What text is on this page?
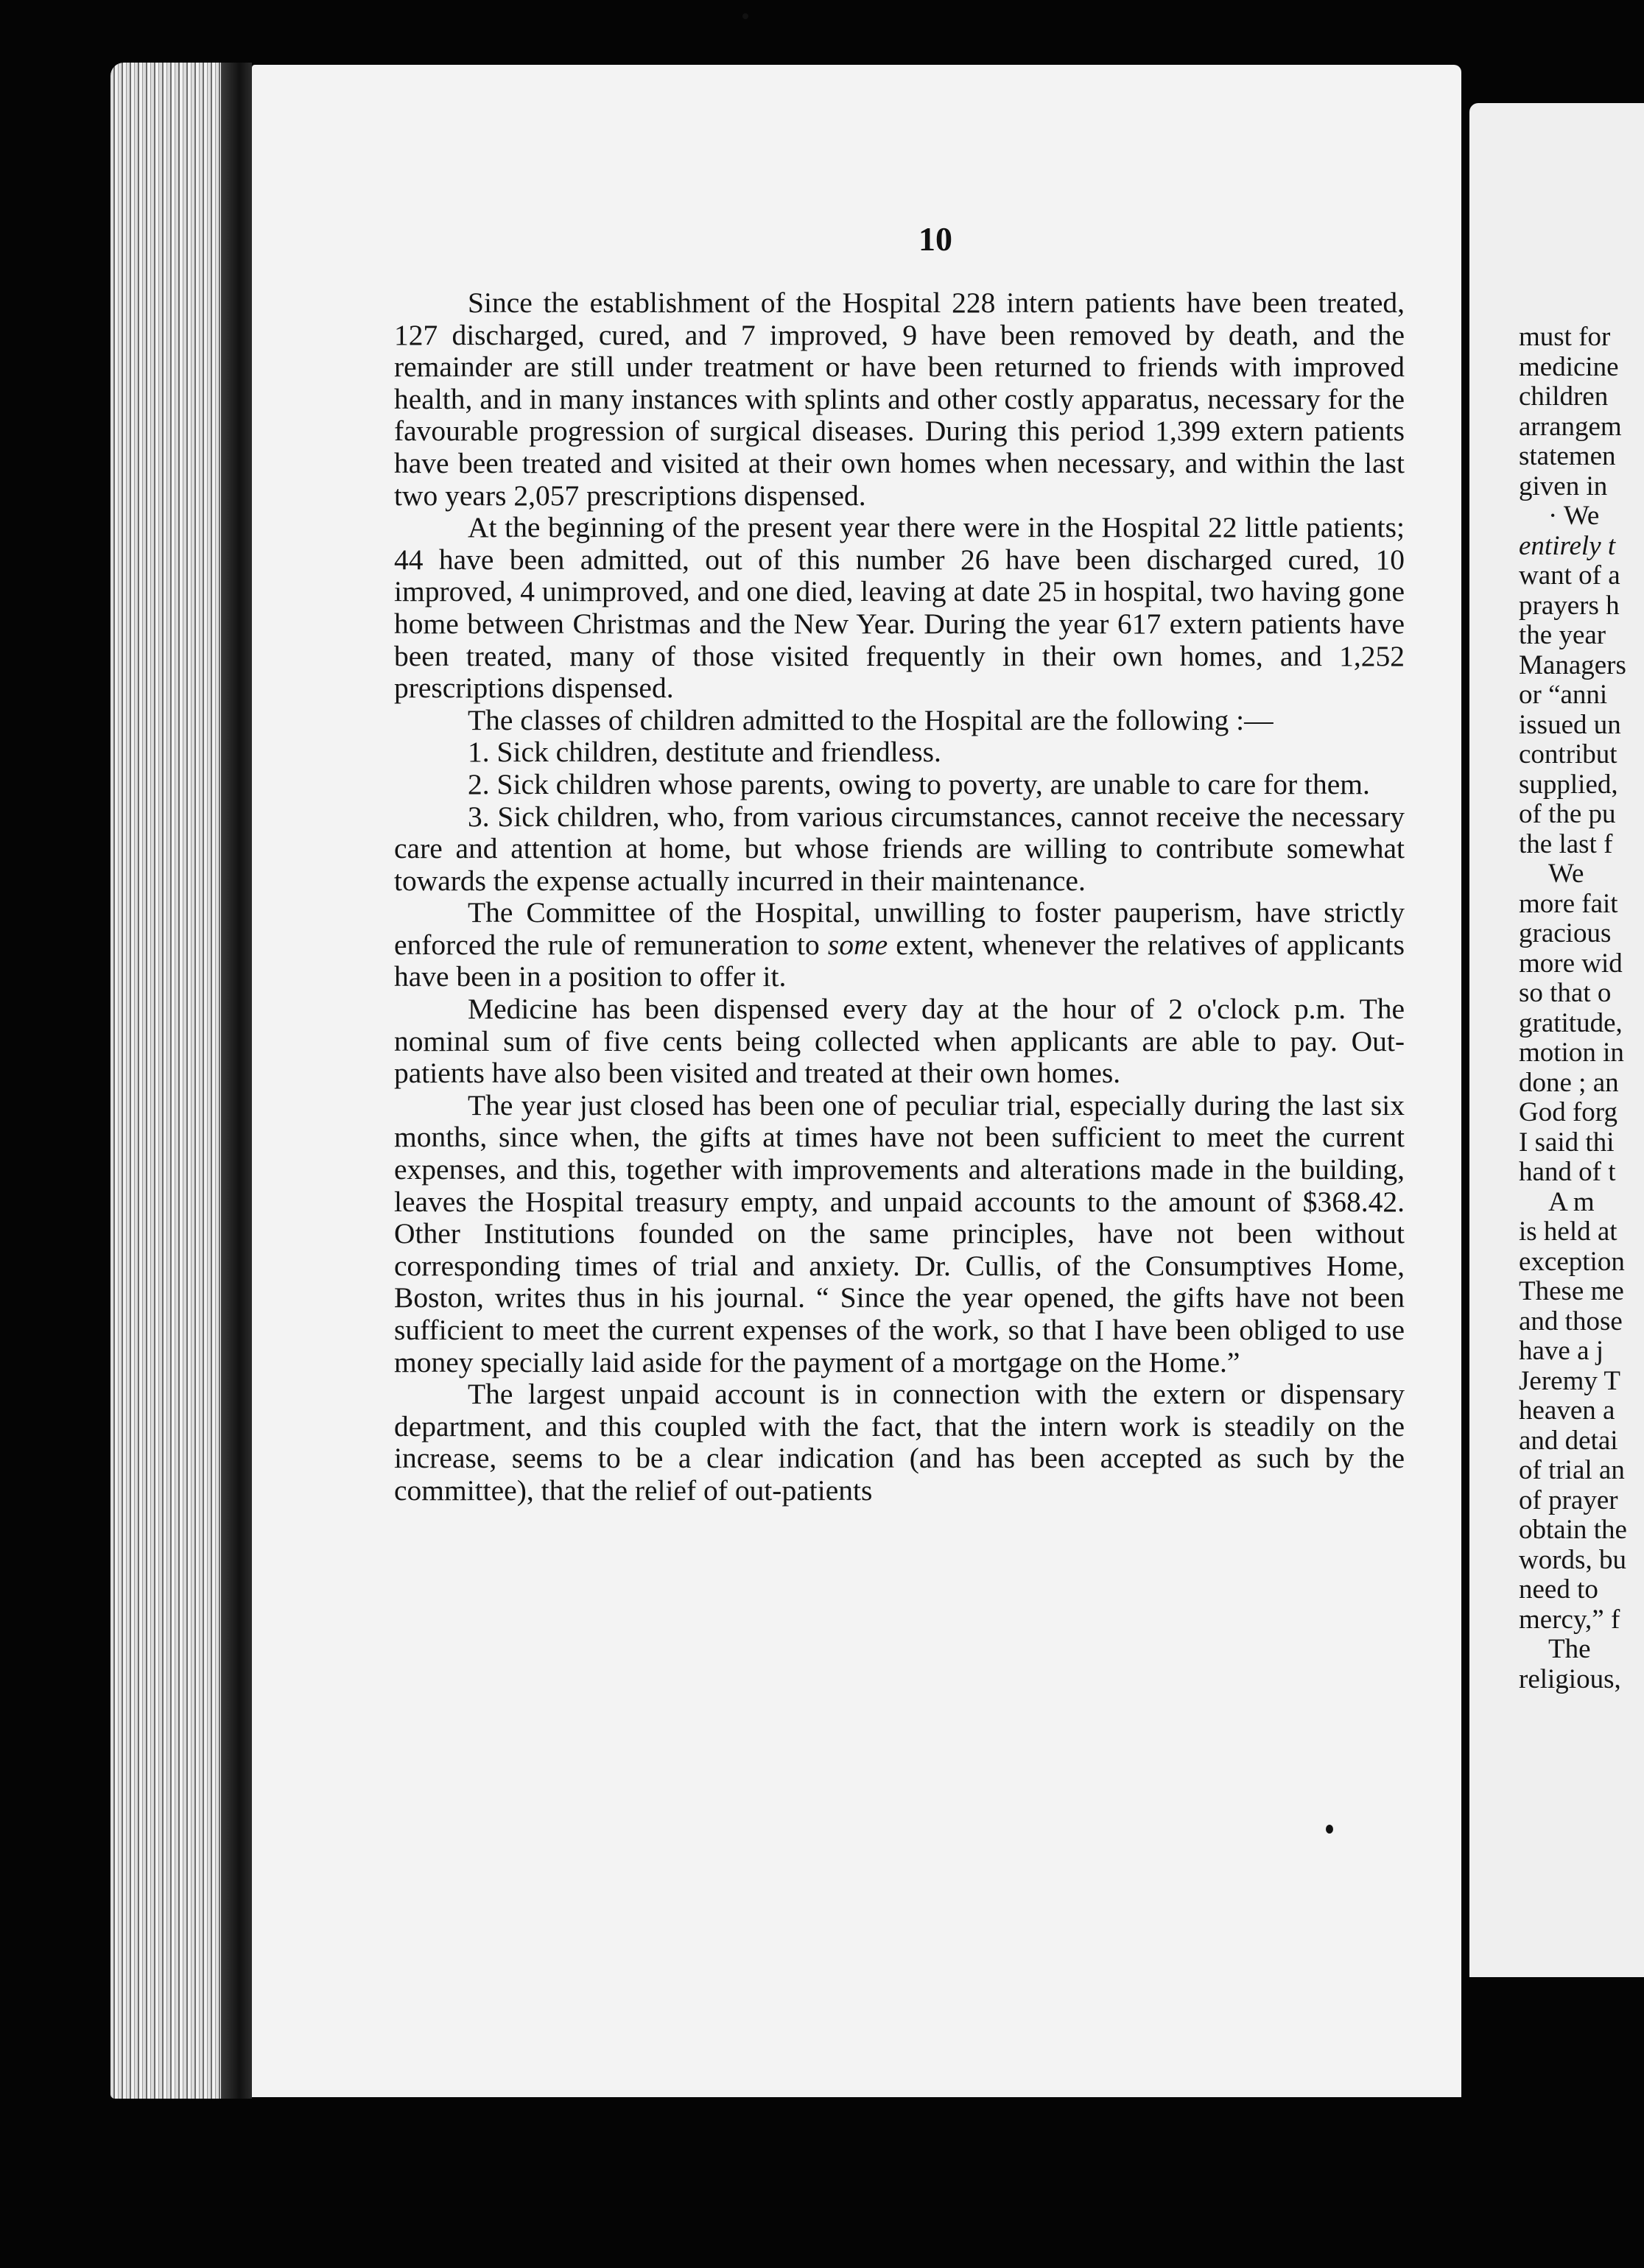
10

Since the establishment of the Hospital 228 intern patients have been treated, 127 discharged, cured, and 7 improved, 9 have been removed by death, and the remainder are still under treatment or have been returned to friends with improved health, and in many instances with splints and other costly apparatus, necessary for the favourable progression of surgical diseases. During this period 1,399 extern patients have been treated and visited at their own homes when necessary, and within the last two years 2,057 prescriptions dispensed.

At the beginning of the present year there were in the Hospital 22 little patients; 44 have been admitted, out of this number 26 have been discharged cured, 10 improved, 4 unimproved, and one died, leaving at date 25 in hospital, two having gone home between Christmas and the New Year. During the year 617 extern patients have been treated, many of those visited frequently in their own homes, and 1,252 prescriptions dispensed.

The classes of children admitted to the Hospital are the following :—

1. Sick children, destitute and friendless.

2. Sick children whose parents, owing to poverty, are unable to care for them.

3. Sick children, who, from various circumstances, cannot receive the necessary care and attention at home, but whose friends are willing to contribute somewhat towards the expense actually incurred in their maintenance.

The Committee of the Hospital, unwilling to foster pauperism, have strictly enforced the rule of remuneration to some extent, whenever the relatives of applicants have been in a position to offer it.

Medicine has been dispensed every day at the hour of 2 o'clock p.m. The nominal sum of five cents being collected when applicants are able to pay. Out-patients have also been visited and treated at their own homes.

The year just closed has been one of peculiar trial, especially during the last six months, since when, the gifts at times have not been sufficient to meet the current expenses, and this, together with improvements and alterations made in the building, leaves the Hospital treasury empty, and unpaid accounts to the amount of $368.42. Other Institutions founded on the same principles, have not been without corresponding times of trial and anxiety. Dr. Cullis, of the Consumptives Home, Boston, writes thus in his journal. “ Since the year opened, the gifts have not been sufficient to meet the current expenses of the work, so that I have been obliged to use money specially laid aside for the payment of a mortgage on the Home.”

The largest unpaid account is in connection with the extern or dispensary department, and this coupled with the fact, that the intern work is steadily on the increase, seems to be a clear indication (and has been accepted as such by the committee), that the relief of out-patients

must for
medicine
children
arrangem
statemen
given in
· We
entirely t
want of a
prayers h
the year
Managers
or “anni
issued un
contribut
supplied,
of the pu
the last f
We
more fait
gracious
more wid
so that o
gratitude,
motion in
done ; an
God forg
I said thi
hand of t
A m
is held at
exception
These me
and those
have a j
Jeremy T
heaven a
and detai
of trial an
of prayer
obtain the
words, bu
need to
mercy,” f
The
religious,
